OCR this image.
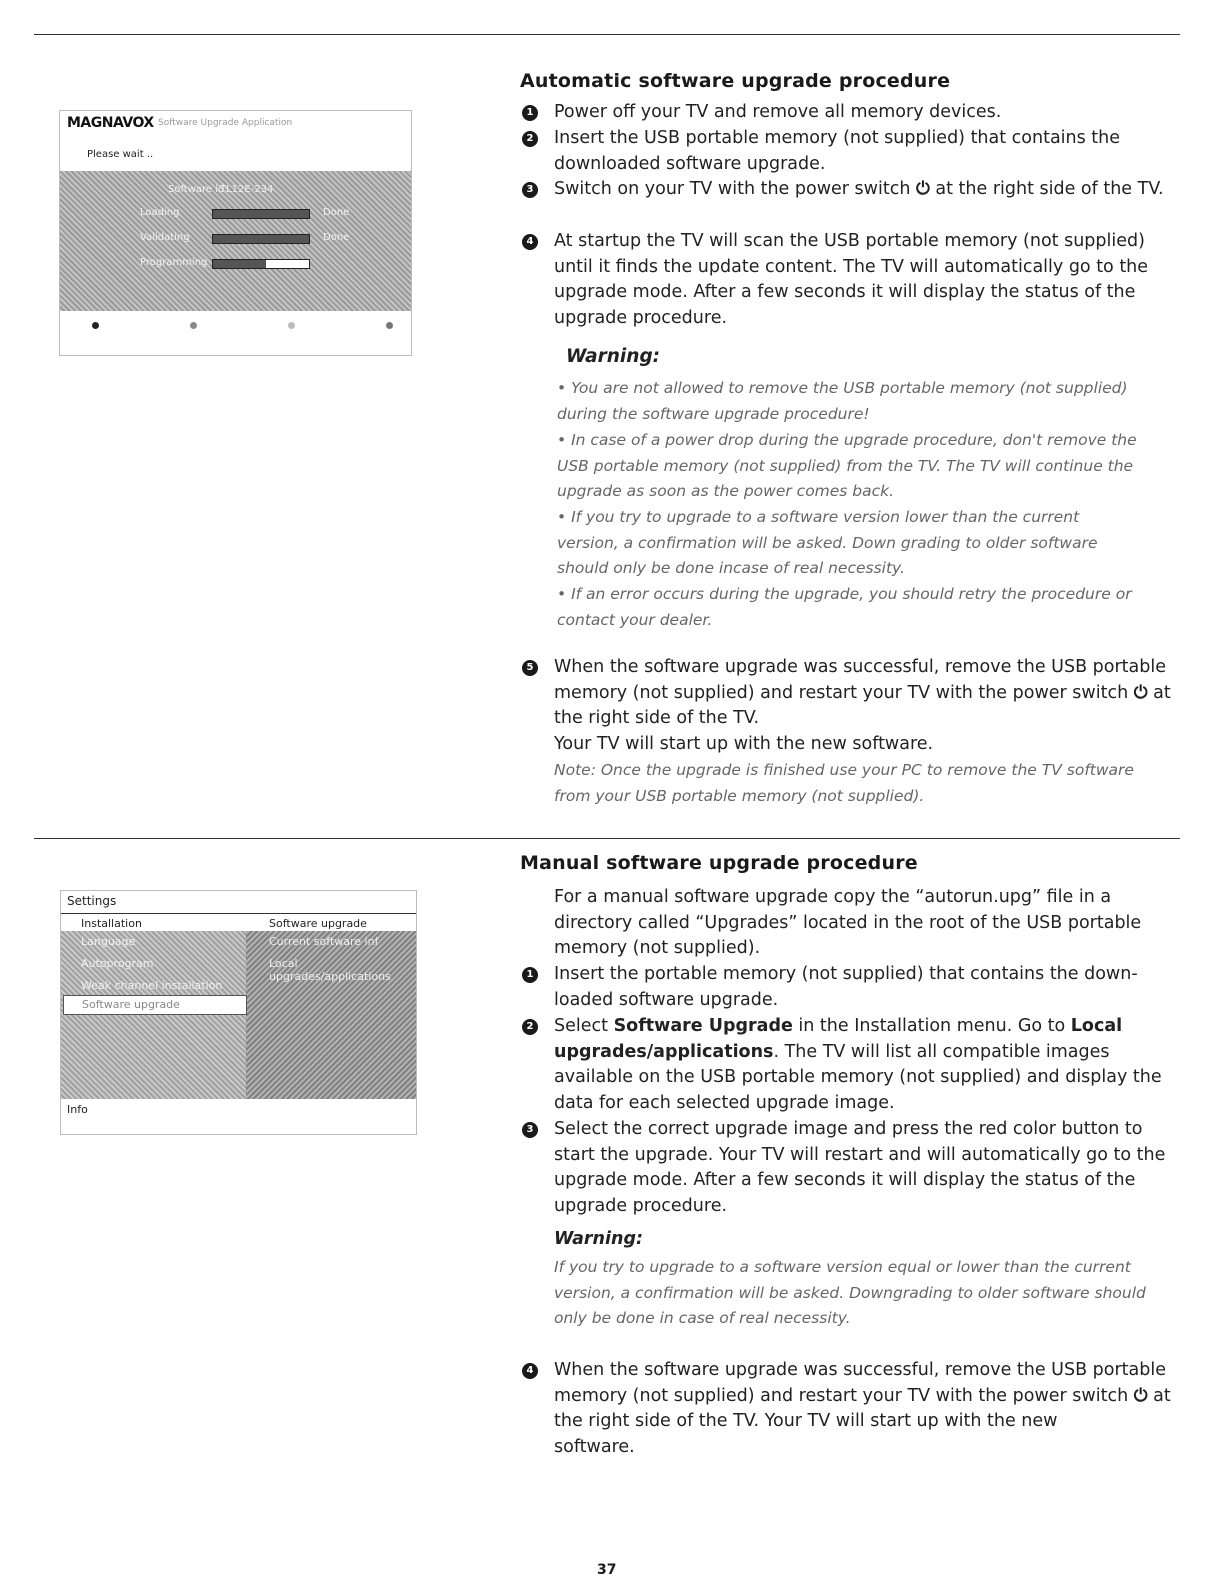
MAGNAVOX Software Upgrade Application
Please wait ..
Software id:
TL12E-234
Loading	Done
Validating	Done
Programming
Automatic software upgrade procedure
1 Power off your TV and remove all memory devices.
2 Insert the USB portable memory (not supplied) that contains the downloaded software upgrade.
3 Switch on your TV with the power switch ⏻ at the right side of the TV.
4 At startup the TV will scan the USB portable memory (not supplied) until it finds the update content. The TV will automatically go to the upgrade mode. After a few seconds it will display the status of the upgrade procedure.
Warning:
• You are not allowed to remove the USB portable memory (not supplied) during the software upgrade procedure!
• In case of a power drop during the upgrade procedure, don't remove the USB portable memory (not supplied) from the TV. The TV will continue the upgrade as soon as the power comes back.
• If you try to upgrade to a software version lower than the current version, a confirmation will be asked. Down grading to older software should only be done incase of real necessity.
• If an error occurs during the upgrade, you should retry the procedure or contact your dealer.
5 When the software upgrade was successful, remove the USB portable memory (not supplied) and restart your TV with the power switch ⏻ at the right side of the TV.
Your TV will start up with the new software.
Note: Once the upgrade is finished use your PC to remove the TV software from your USB portable memory (not supplied).
Settings
Installation	Software upgrade
Language
Autoprogram
Weak channel installation
Software upgrade
Current software inf
Local upgrades/applications
Info
Manual software upgrade procedure
For a manual software upgrade copy the “autorun.upg” file in a directory called “Upgrades” located in the root of the USB portable memory (not supplied).
1 Insert the portable memory (not supplied) that contains the down-loaded software upgrade.
2 Select Software Upgrade in the Installation menu. Go to Local upgrades/applications. The TV will list all compatible images available on the USB portable memory (not supplied) and display the data for each selected upgrade image.
3 Select the correct upgrade image and press the red color button to start the upgrade. Your TV will restart and will automatically go to the upgrade mode. After a few seconds it will display the status of the upgrade procedure.
Warning:
If you try to upgrade to a software version equal or lower than the current version, a confirmation will be asked. Downgrading to older software should only be done in case of real necessity.
4 When the software upgrade was successful, remove the USB portable memory (not supplied) and restart your TV with the power switch ⏻ at the right side of the TV. Your TV will start up with the new
software.
37
